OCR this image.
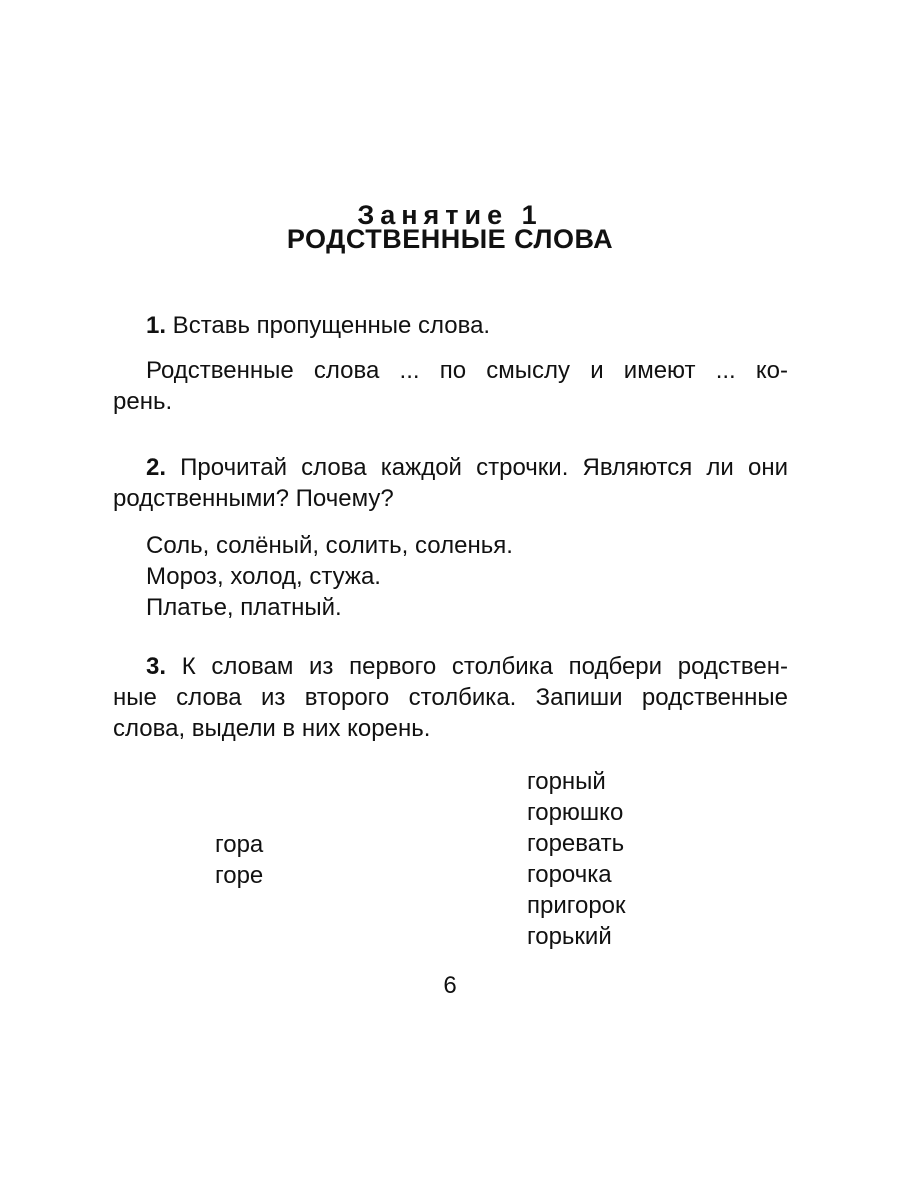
Занятие 1
РОДСТВЕННЫЕ СЛОВА
1. Вставь пропущенные слова.
Родственные слова ... по смыслу и имеют ... ко-
рень.
2. Прочитай слова каждой строчки. Являются ли они
родственными? Почему?
Соль, солёный, солить, соленья.
Мороз, холод, стужа.
Платье, платный.
3. К словам из первого столбика подбери родствен-
ные слова из второго столбика. Запиши родственные
слова, выдели в них корень.
гора
горе
горный
горюшко
горевать
горочка
пригорок
горький
6
